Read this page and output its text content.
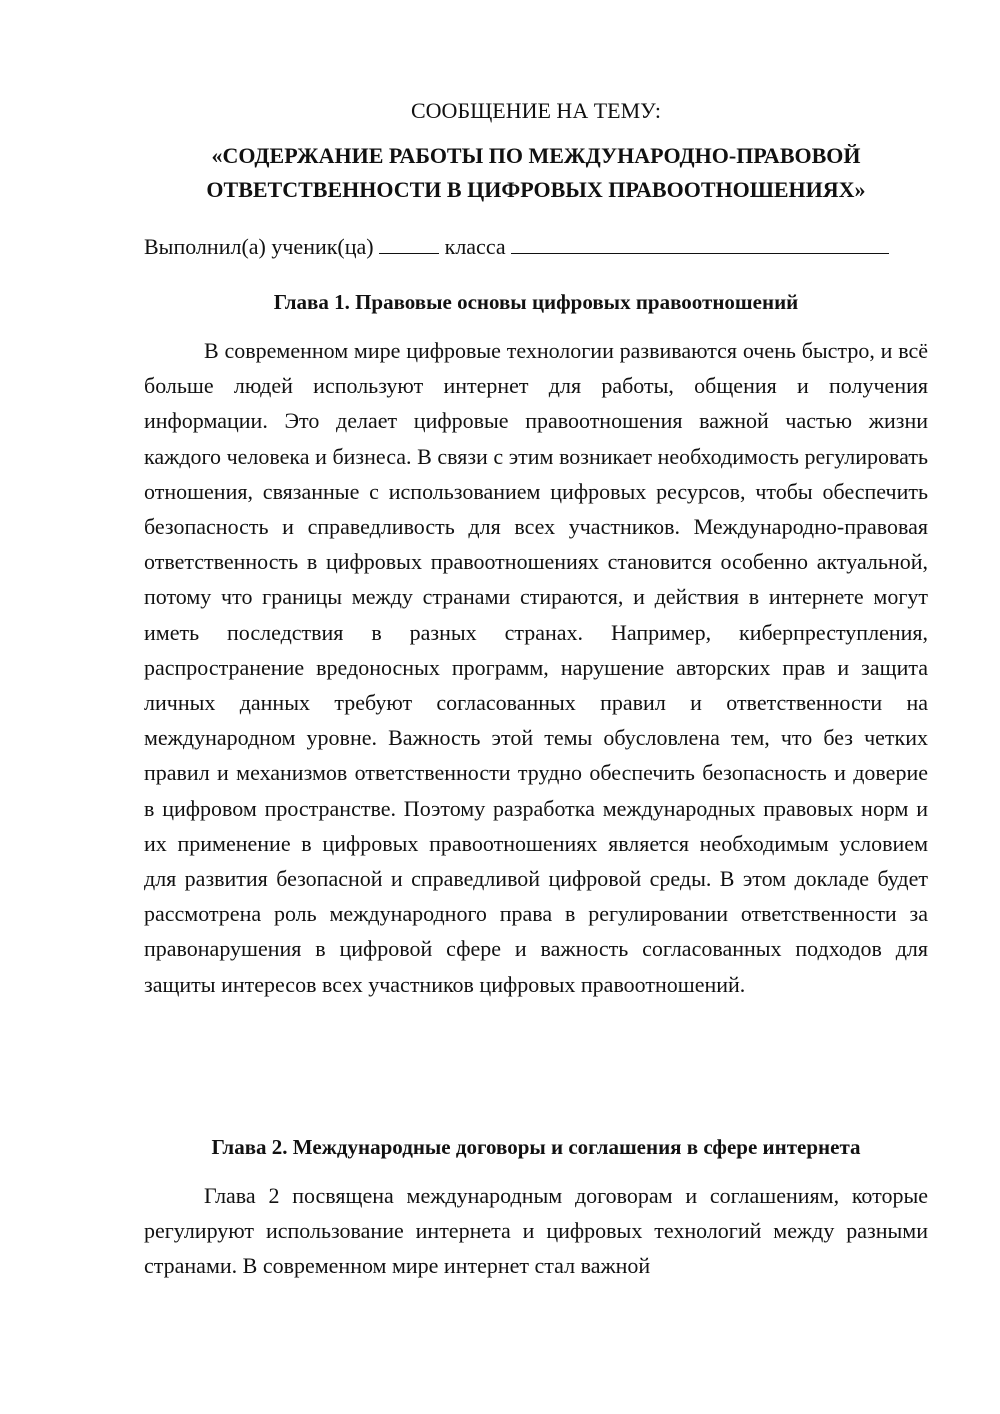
СООБЩЕНИЕ НА ТЕМУ:
«СОДЕРЖАНИЕ РАБОТЫ ПО МЕЖДУНАРОДНО-ПРАВОВОЙ ОТВЕТСТВЕННОСТИ В ЦИФРОВЫХ ПРАВООТНОШЕНИЯХ»
Выполнил(а) ученик(ца)	класса
Глава 1. Правовые основы цифровых правоотношений

В современном мире цифровые технологии развиваются очень быстро, и всё больше людей используют интернет для работы, общения и получения информации. Это делает цифровые правоотношения важной частью жизни каждого человека и бизнеса. В связи с этим возникает необходимость регулировать отношения, связанные с использованием цифровых ресурсов, чтобы обеспечить безопасность и справедливость для всех участников. Международно-правовая ответственность в цифровых правоотношениях становится особенно актуальной, потому что границы между странами стираются, и действия в интернете могут иметь последствия в разных странах. Например, киберпреступления, распространение вредоносных программ, нарушение авторских прав и защита личных данных требуют согласованных правил и ответственности на международном уровне. Важность этой темы обусловлена тем, что без четких правил и механизмов ответственности трудно обеспечить безопасность и доверие в цифровом пространстве. Поэтому разработка международных правовых норм и их применение в цифровых правоотношениях является необходимым условием для развития безопасной и справедливой цифровой среды. В этом докладе будет рассмотрена роль международного права в регулировании ответственности за правонарушения в цифровой сфере и важность согласованных подходов для защиты интересов всех участников цифровых правоотношений.

Глава 2. Международные договоры и соглашения в сфере интернета

Глава 2 посвящена международным договорам и соглашениям, которые регулируют использование интернета и цифровых технологий между разными странами. В современном мире интернет стал важной
